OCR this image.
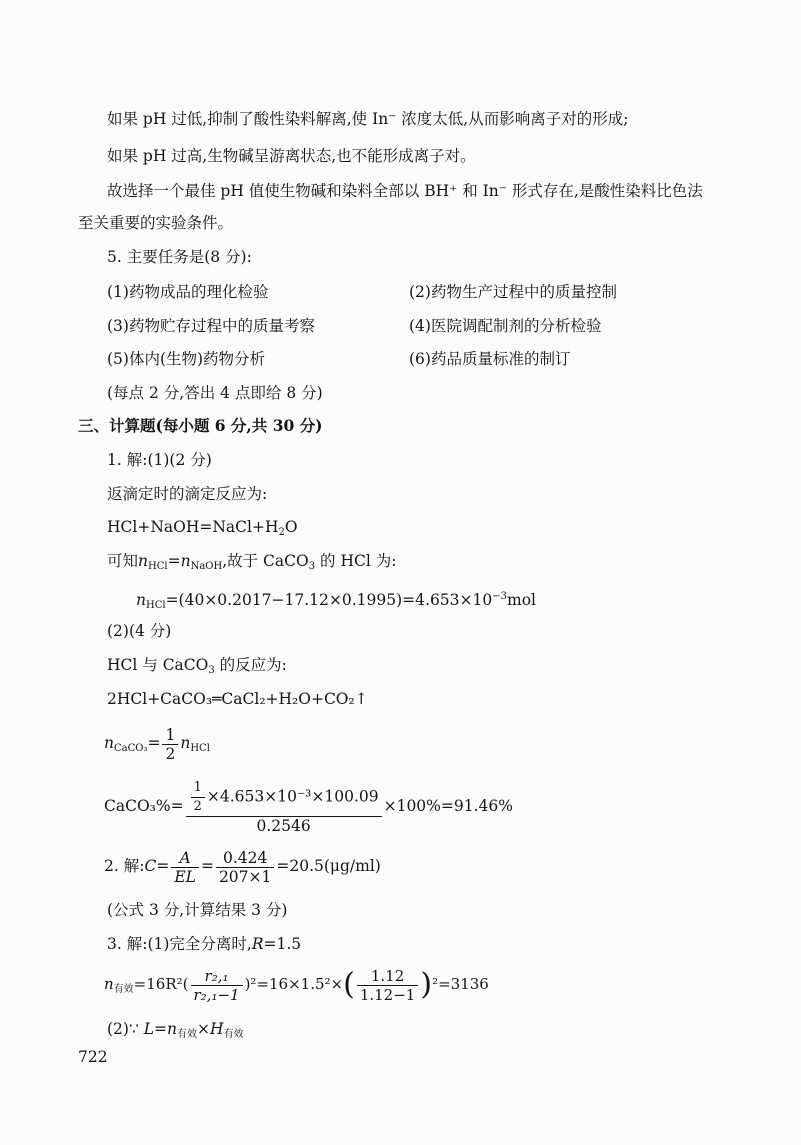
如果 pH 过低,抑制了酸性染料解离,使 In⁻ 浓度太低,从而影响离子对的形成;
如果 pH 过高,生物碱呈游离状态,也不能形成离子对。
故选择一个最佳 pH 值使生物碱和染料全部以 BH⁺ 和 In⁻ 形式存在,是酸性染料比色法
至关重要的实验条件。
5. 主要任务是(8 分):
(1)药物成品的理化检验	(2)药物生产过程中的质量控制
(3)药物贮存过程中的质量考察	(4)医院调配制剂的分析检验
(5)体内(生物)药物分析	(6)药品质量标准的制订
(每点 2 分,答出 4 点即给 8 分)
三、计算题(每小题 6 分,共 30 分)
1. 解:(1)(2 分)
返滴定时的滴定反应为:
$HCl+NaOH=NaCl+H_2O$
可知$n_{HCl}=n_{NaOH}$,故于 CaCO$_3$ 的 HCl 为:
$n_{HCl}=(40\times 0.2017-17.12\times 0.1995)=4.653\times 10^{-3}mol$
(2)(4 分)
HCl 与 CaCO$_3$ 的反应为:
2HCl+CaCO₃═CaCl₂+H₂O+CO₂↑
$n_{CaCO_3}= \frac{1}{2} n_{HCl}$
CaCO₃%= $\frac{\frac{1}{2} \times 4.653\times 10^{-3}\times 100.09}{0.2546} \times 100\%=91.46\%$
2. 解:C= $\frac{A}{EL} = \frac{0.424}{207\times 1} =20.5(\mu g/ml)$
(公式 3 分,计算结果 3 分)
3. 解:(1)完全分离时,R=1.5
$n_{有效}=16R^2( \frac{\text{r₂,₁}}{\text{r₂,₁−1}} )^2=16\times 1.5^2\times( \frac{1.12}{1.12-1} )^2=3136$
(2)∵ $L=n_{有效}\times H_{有效}$
722
